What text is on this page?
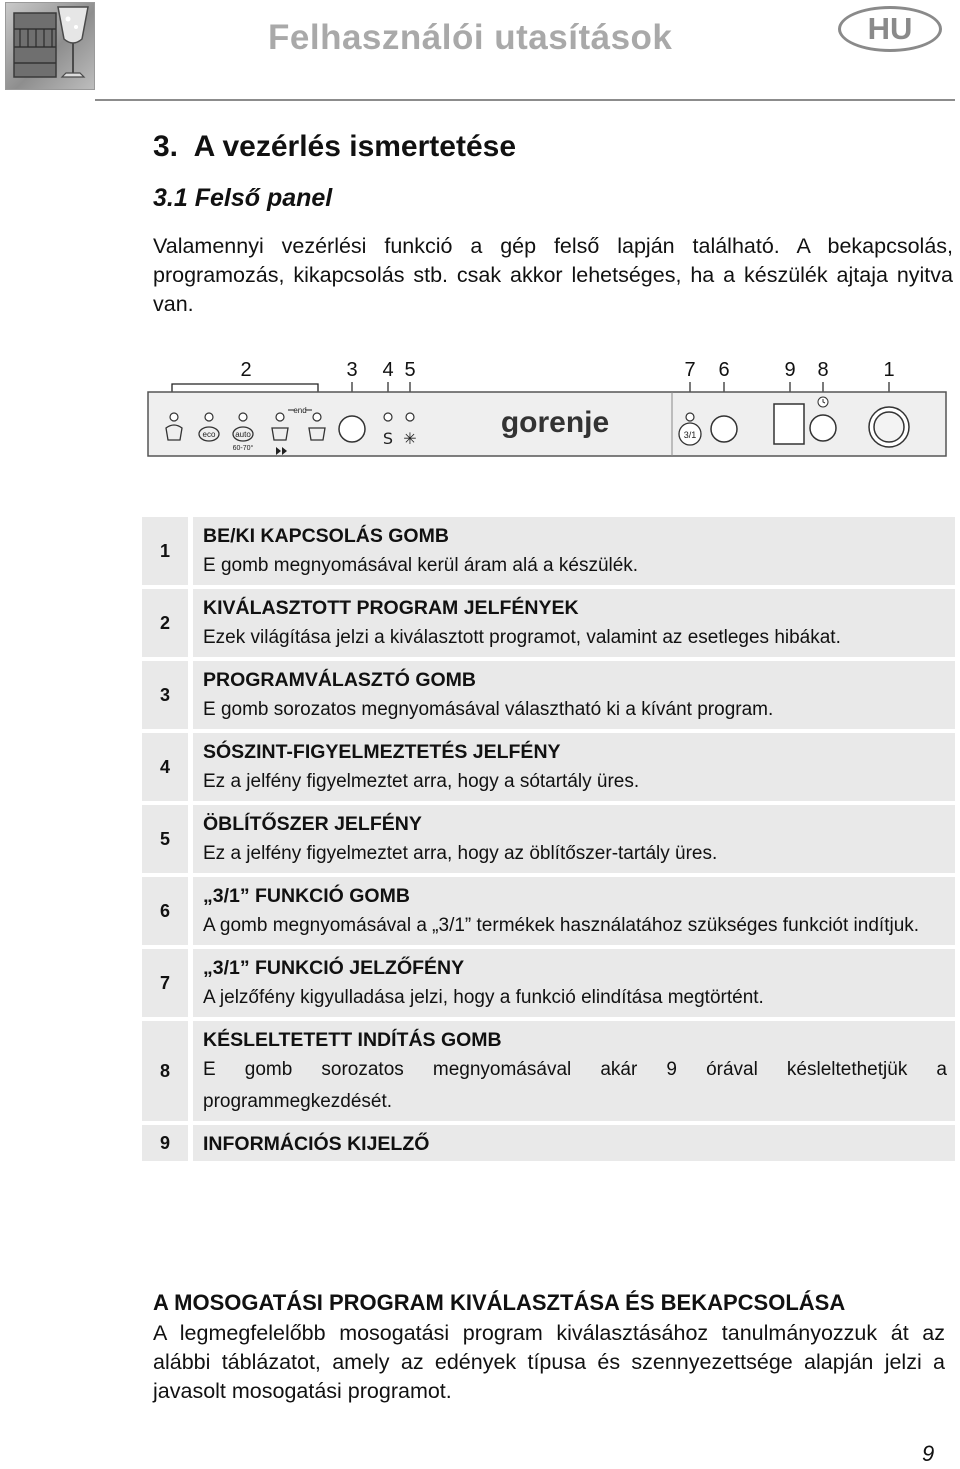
Felhasználói utasítások	HU
3.  A vezérlés ismertetése
3.1 Felső panel
Valamennyi vezérlési funkció a gép felső lapján található. A bekapcsolás, programozás, kikapcsolás stb. csak akkor lehetséges, ha a készülék ajtaja nyitva van.
2	3 4 5	7 6	9 8	1
eco auto
60-70°
end
S ✳	gorenje	3/1
1
BE/KI KAPCSOLÁS GOMB
E gomb megnyomásával kerül áram alá a készülék.
2
KIVÁLASZTOTT PROGRAM JELFÉNYEK
Ezek világítása jelzi a kiválasztott programot, valamint az esetleges hibákat.
3
PROGRAMVÁLASZTÓ GOMB
E gomb sorozatos megnyomásával választható ki a kívánt program.
4
SÓSZINT-FIGYELMEZTETÉS JELFÉNY
Ez a jelfény figyelmeztet arra, hogy a sótartály üres.
5
ÖBLÍTŐSZER JELFÉNY
Ez a jelfény figyelmeztet arra, hogy az öblítőszer-tartály üres.
6
„3/1” FUNKCIÓ GOMB
A gomb megnyomásával a „3/1” termékek használatához szükséges funkciót indítjuk.
7
„3/1” FUNKCIÓ JELZŐFÉNY
A jelzőfény kigyulladása jelzi, hogy a funkció elindítása megtörtént.
8
KÉSLELTETETT INDÍTÁS GOMB
E gomb sorozatos megnyomásával akár 9 órával késleltethetjük a programmegkezdését.
9	INFORMÁCIÓS KIJELZŐ
A MOSOGATÁSI PROGRAM KIVÁLASZTÁSA ÉS BEKAPCSOLÁSA
A legmegfelelőbb mosogatási program kiválasztásához tanulmányozzuk át az alábbi táblázatot, amely az edények típusa és szennyezettsége alapján jelzi a javasolt mosogatási programot.
9
